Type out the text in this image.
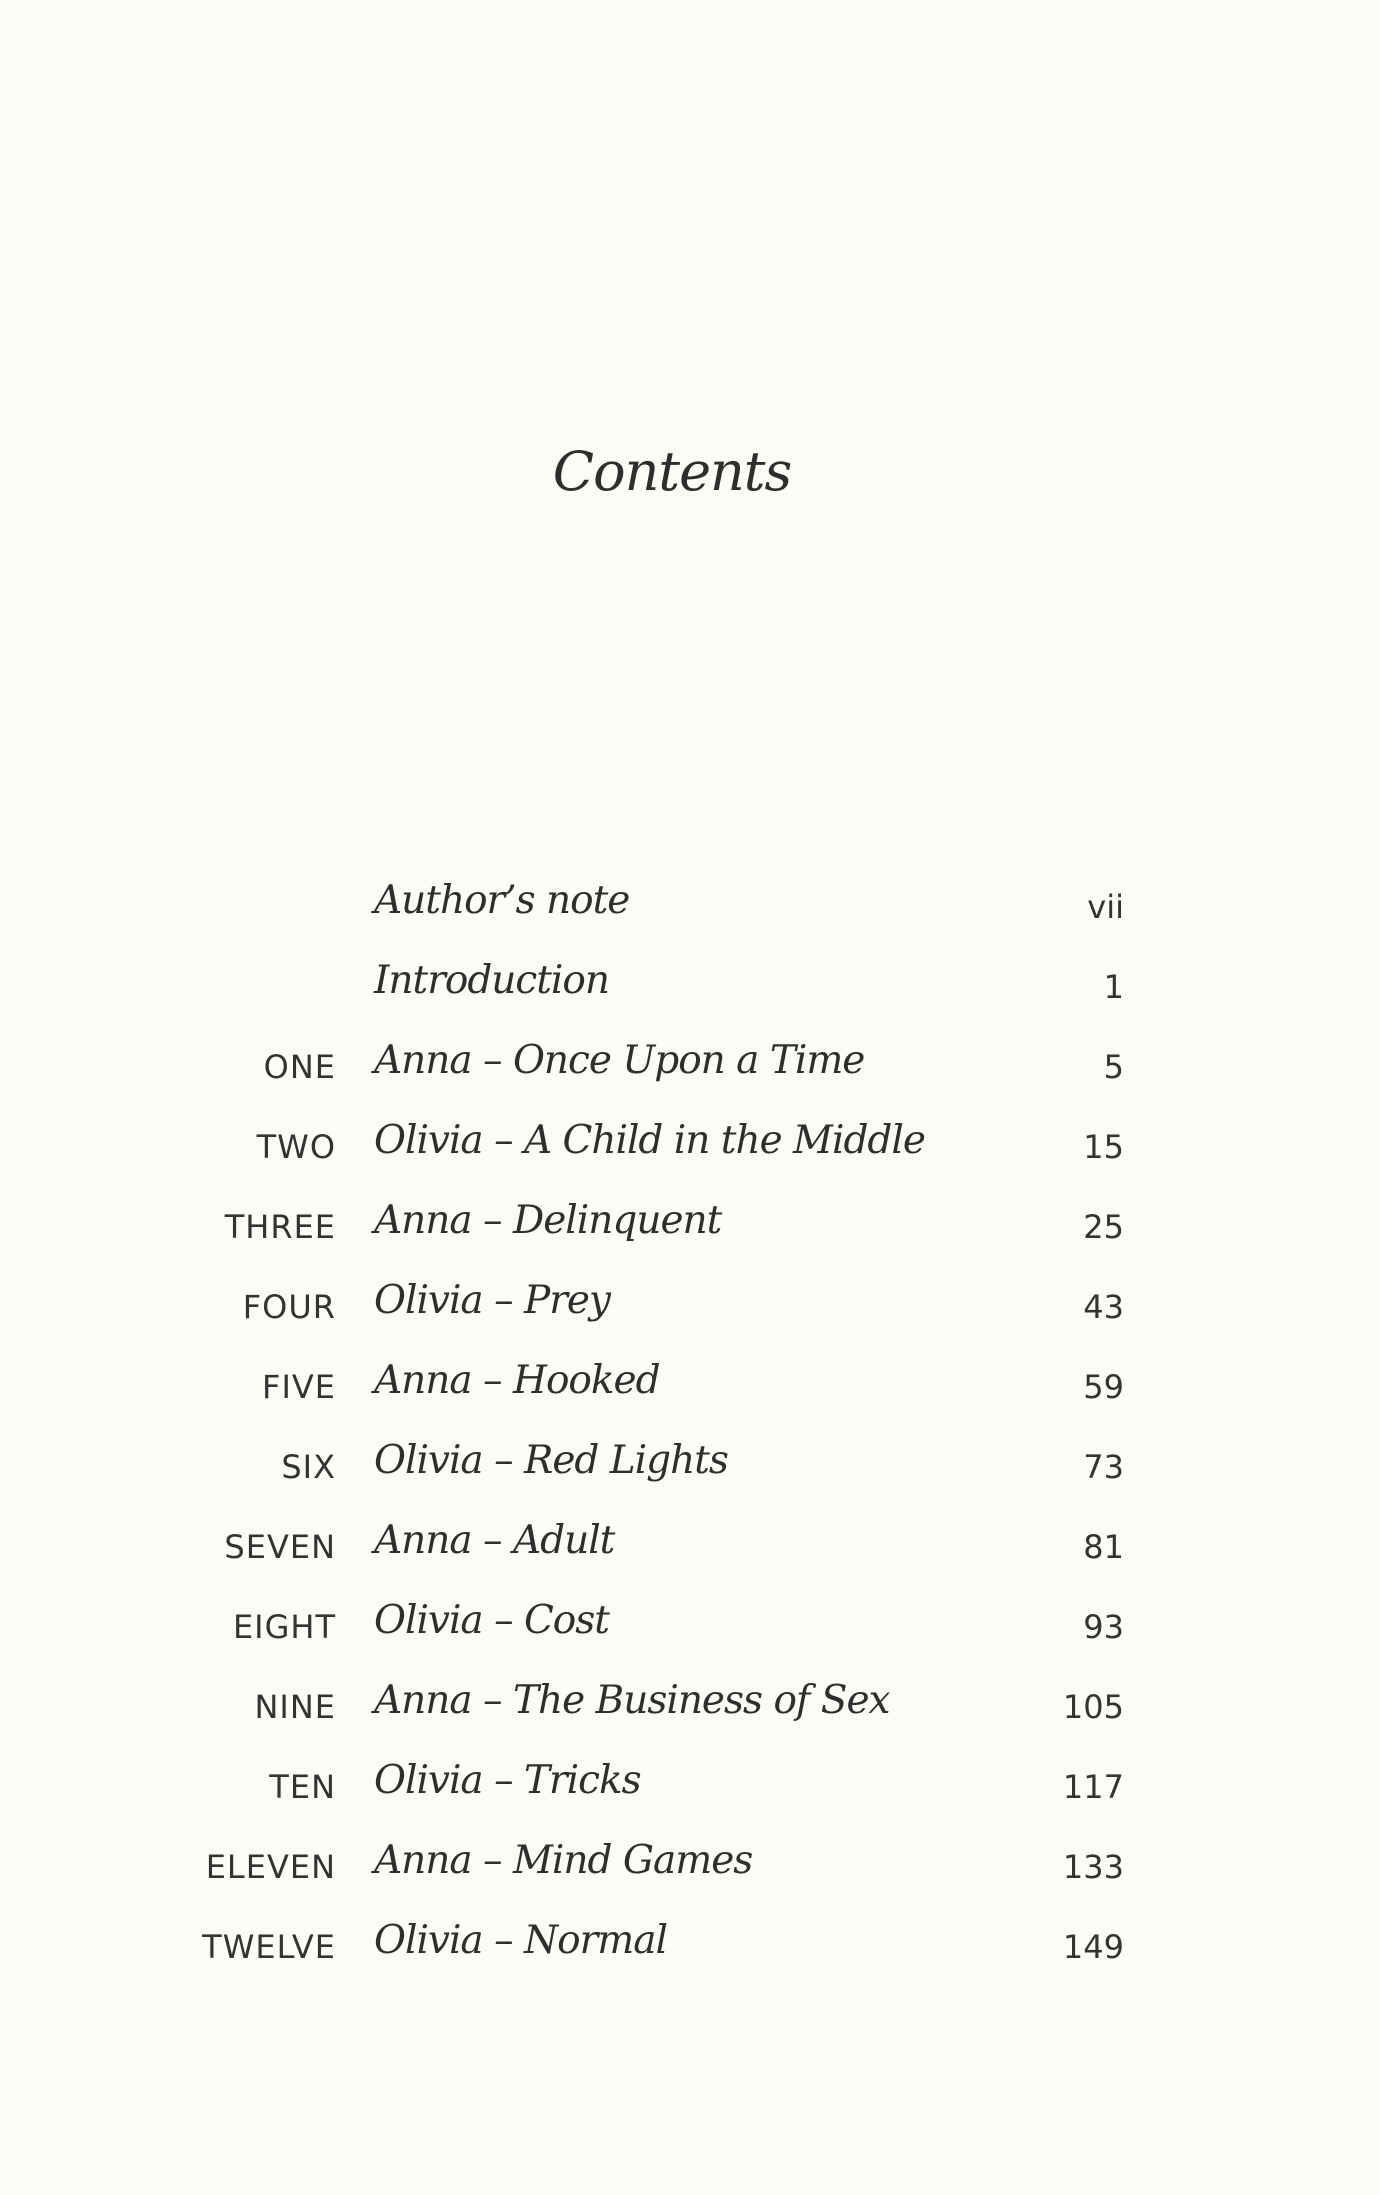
Contents
Author’s note	vii
Introduction	1
ONE Anna – Once Upon a Time	5
TWO Olivia – A Child in the Middle	15
THREE Anna – Delinquent	25
FOUR Olivia – Prey	43
FIVE Anna – Hooked	59
SIX Olivia – Red Lights	73
SEVEN Anna – Adult	81
EIGHT Olivia – Cost	93
NINE Anna – The Business of Sex	105
TEN Olivia – Tricks	117
ELEVEN Anna – Mind Games	133
TWELVE Olivia – Normal	149
